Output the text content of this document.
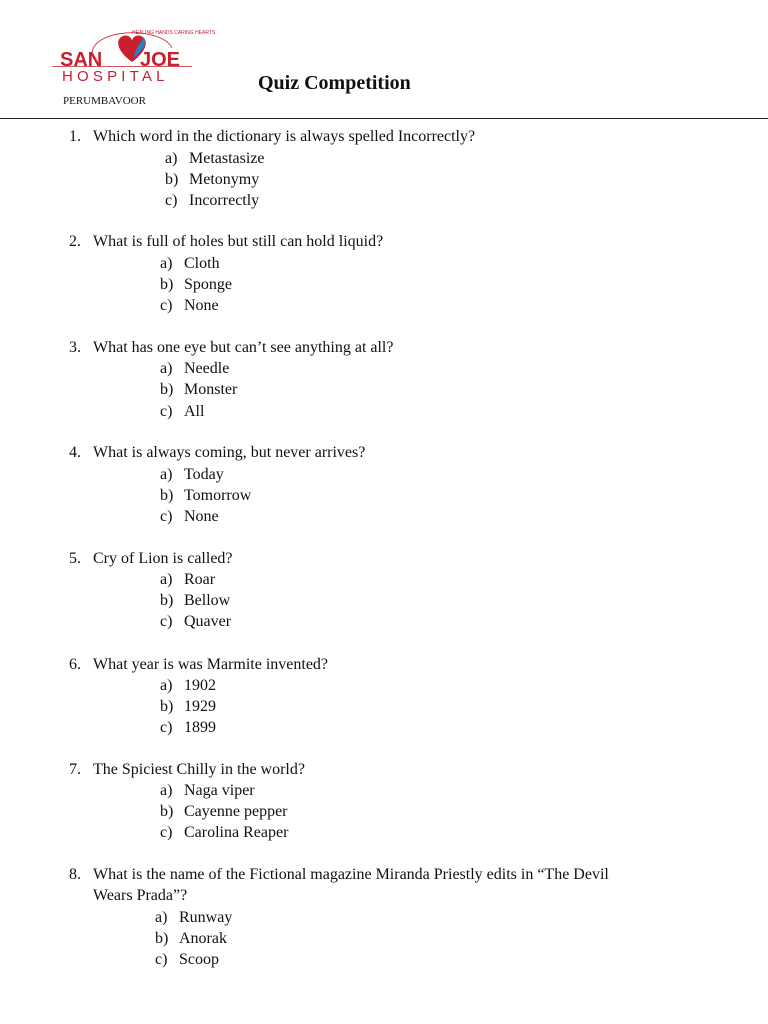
HEALING HANDS CARING HEARTS
SAN JOE
HOSPITAL
PERUMBAVOOR
Quiz Competition
1. Which word in the dictionary is always spelled Incorrectly?
a) Metastasize
b) Metonymy
c) Incorrectly
2. What is full of holes but still can hold liquid?
a) Cloth
b) Sponge
c) None
3. What has one eye but can’t see anything at all?
a) Needle
b) Monster
c) All
4. What is always coming, but never arrives?
a) Today
b) Tomorrow
c) None
5. Cry of Lion is called?
a) Roar
b) Bellow
c) Quaver
6. What year is was Marmite invented?
a) 1902
b) 1929
c) 1899
7. The Spiciest Chilly in the world?
a) Naga viper
b) Cayenne pepper
c) Carolina Reaper
8. What is the name of the Fictional magazine Miranda Priestly edits in “The Devil
Wears Prada”?
a) Runway
b) Anorak
c) Scoop
